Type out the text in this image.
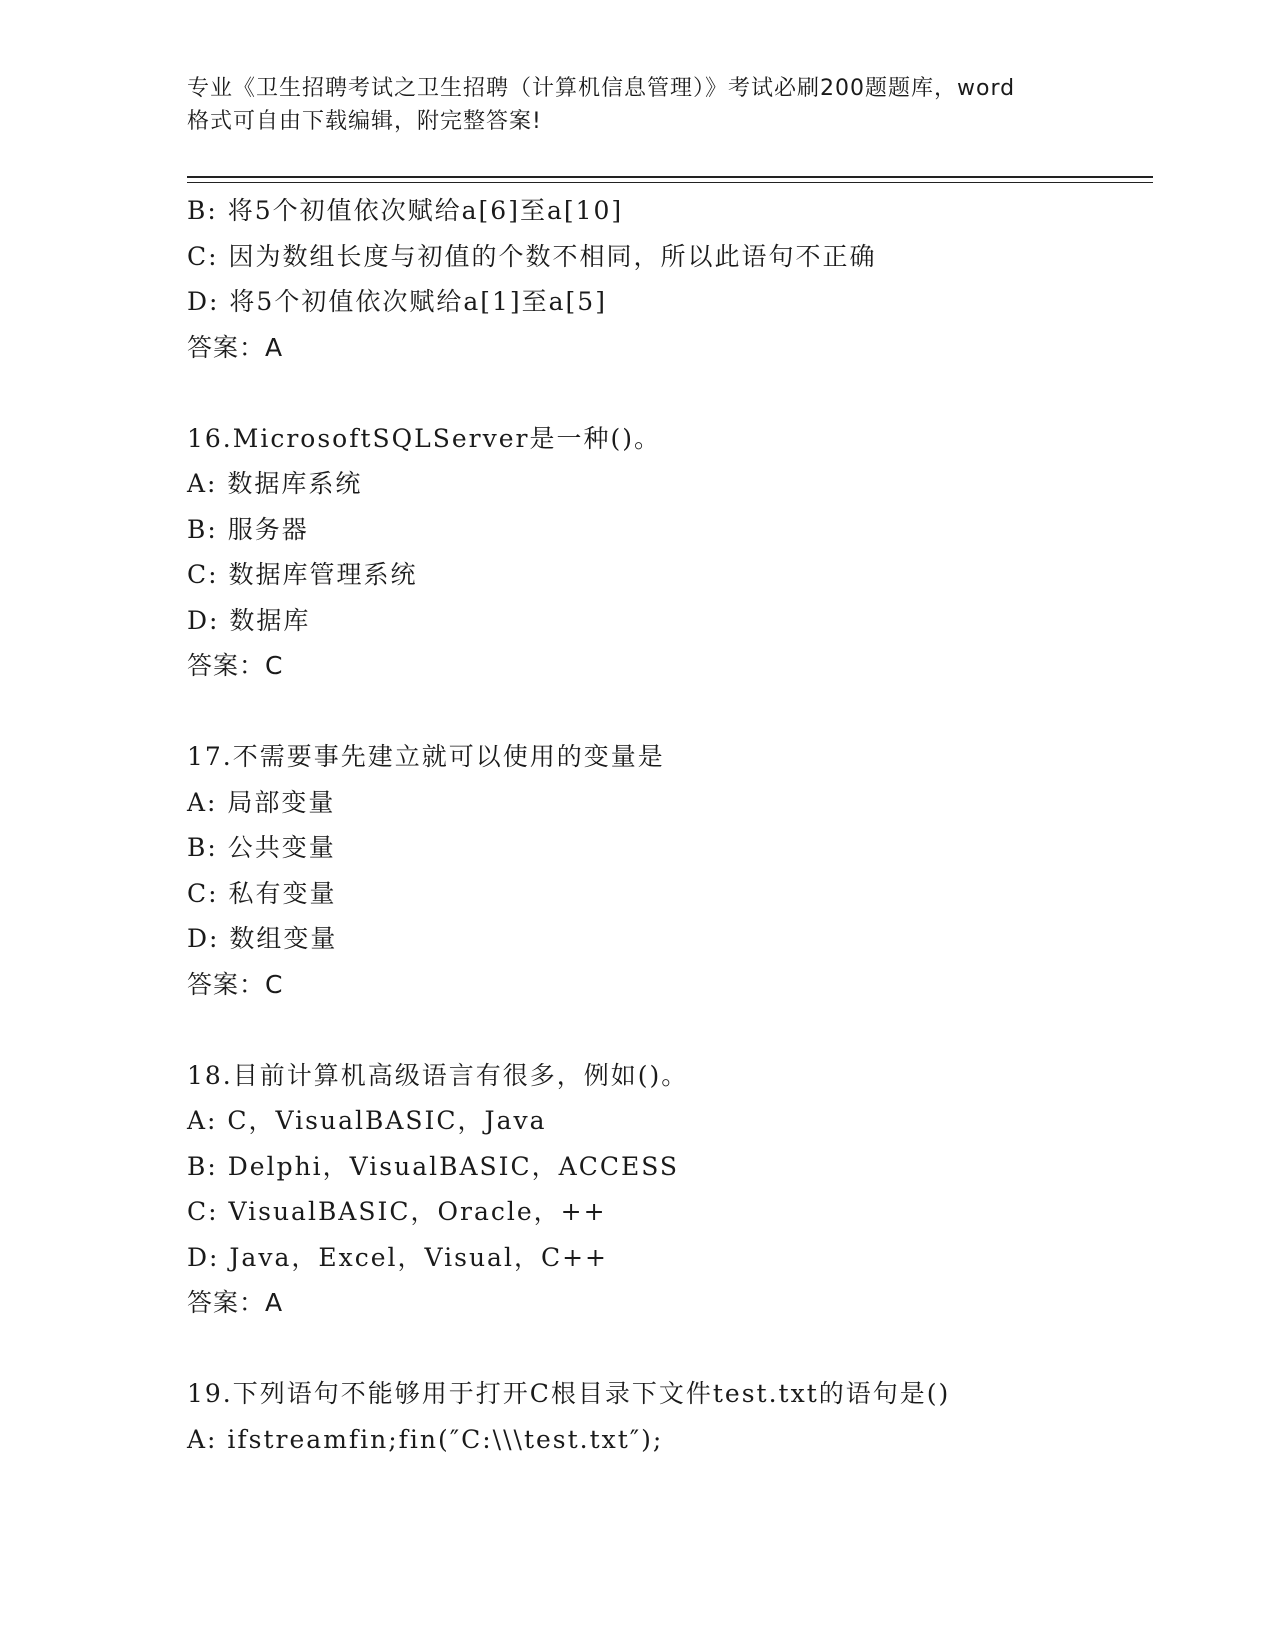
专业《卫生招聘考试之卫生招聘（计算机信息管理）》考试必刷200题题库，word
格式可自由下载编辑，附完整答案!
B: 将5个初值依次赋给a[6]至a[10]
C: 因为数组长度与初值的个数不相同，所以此语句不正确
D: 将5个初值依次赋给a[1]至a[5]
答案：A
16.MicrosoftSQLServer是一种()。
A: 数据库系统
B: 服务器
C: 数据库管理系统
D: 数据库
答案：C
17.不需要事先建立就可以使用的变量是
A: 局部变量
B: 公共变量
C: 私有变量
D: 数组变量
答案：C
18.目前计算机高级语言有很多，例如()。
A: C，VisualBASIC，Java
B: Delphi，VisualBASIC，ACCESS
C: VisualBASIC，Oracle，++
D: Java，Excel，Visual，C++
答案：A
19.下列语句不能够用于打开C根目录下文件test.txt的语句是()
A: ifstreamfin;fin(″C:\\\test.txt″);
